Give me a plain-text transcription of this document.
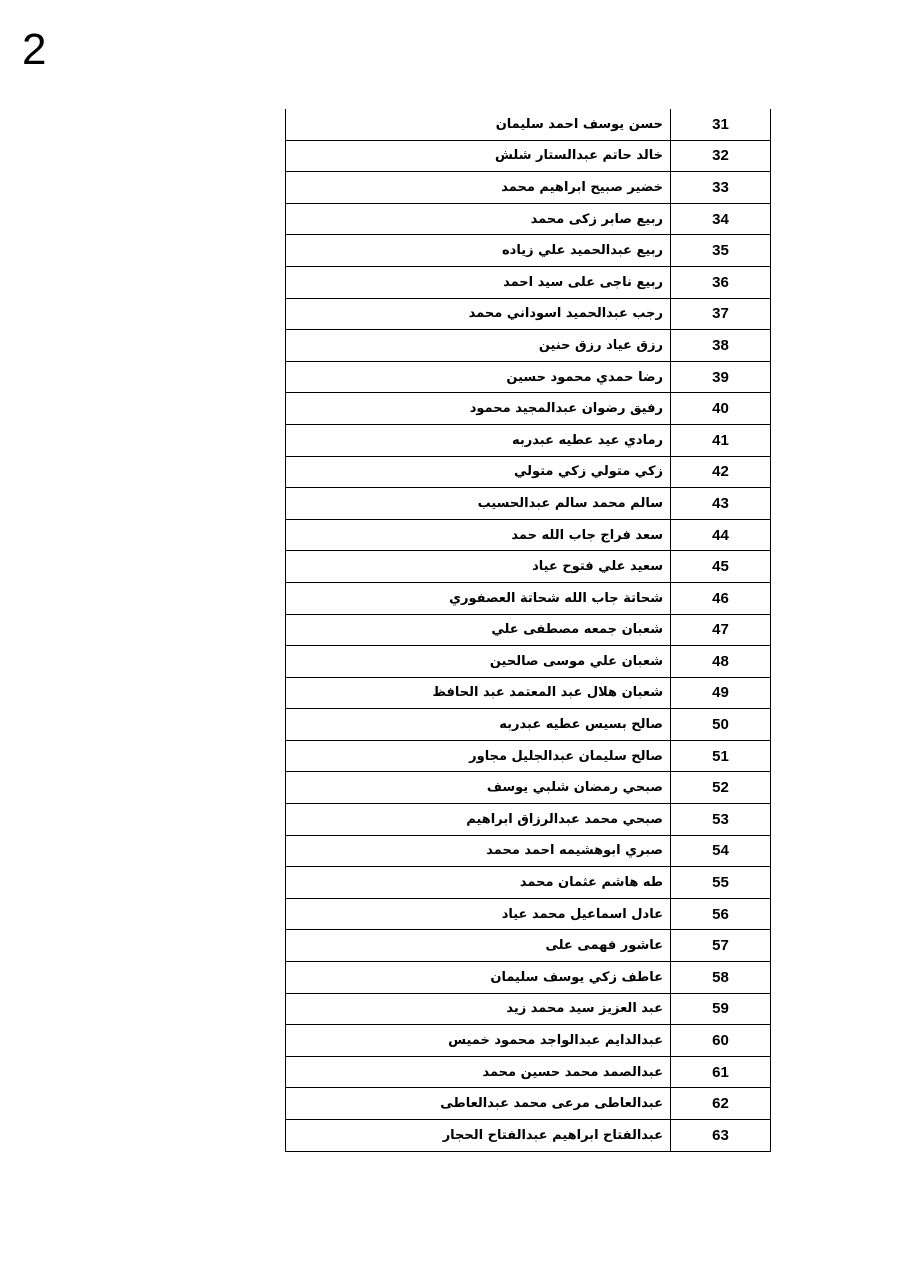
2
حسن يوسف احمد سليمان	31
خالد حاتم عبدالستار شلش	32
خضير صبيح ابراهيم محمد	33
ربيع صابر زكى محمد	34
ربيع عبدالحميد علي زياده	35
ربيع ناجى على سيد احمد	36
رجب عبدالحميد اسوداني محمد	37
رزق عياد رزق حنين	38
رضا حمدي محمود حسين	39
رفيق رضوان عبدالمجيد محمود	40
رمادي عيد عطيه عبدربه	41
زكي متولي زكي متولي	42
سالم محمد سالم عبدالحسيب	43
سعد فراج جاب الله حمد	44
سعيد علي فتوح عياد	45
شحاتة جاب الله شحاتة العصفوري	46
شعبان جمعه مصطفى علي	47
شعبان علي موسى صالحين	48
شعبان هلال عبد المعتمد عبد الحافظ	49
صالح بسيس عطيه عبدربه	50
صالح سليمان عبدالجليل مجاور	51
صبحي رمضان شلبي يوسف	52
صبحي محمد عبدالرزاق ابراهيم	53
صبري ابوهشيمه احمد محمد	54
طه هاشم عثمان محمد	55
عادل اسماعيل محمد عياد	56
عاشور فهمى على	57
عاطف زكي يوسف سليمان	58
عبد العزيز سيد محمد زيد	59
عبدالدايم عبدالواجد محمود خميس	60
عبدالصمد محمد حسين محمد	61
عبدالعاطى مرعى محمد عبدالعاطى	62
عبدالفتاح ابراهيم عبدالفتاح الحجار	63
